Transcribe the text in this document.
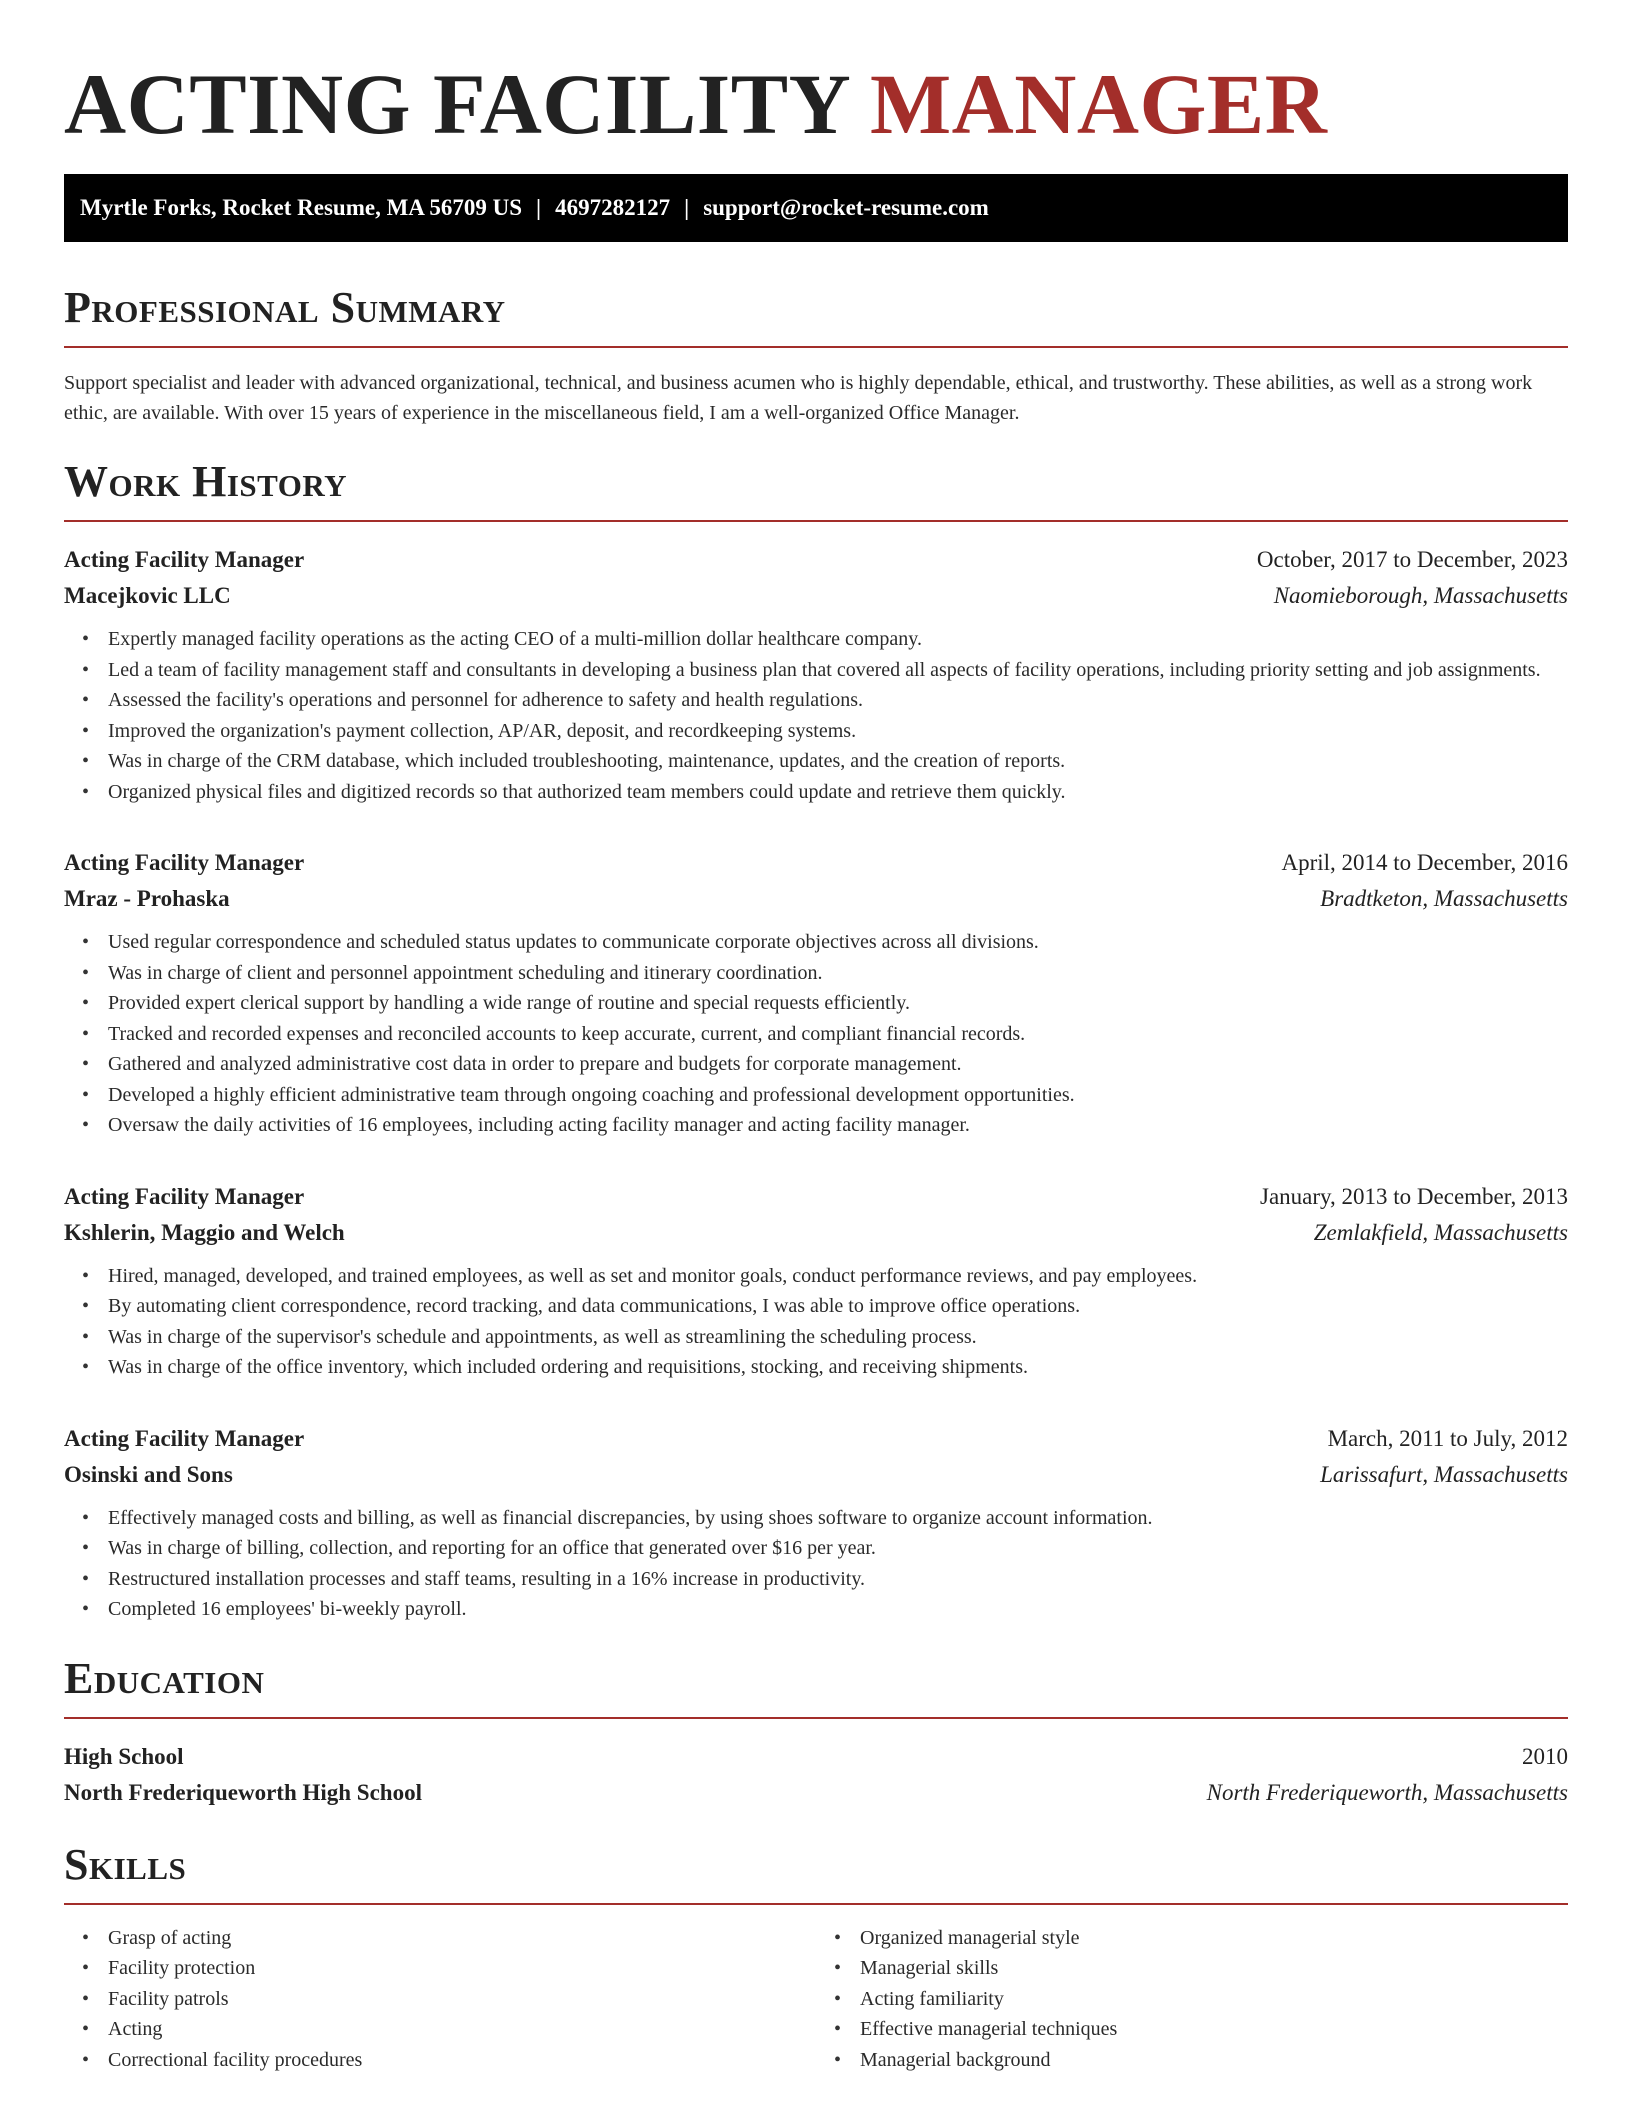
ACTING FACILITY MANAGER
Myrtle Forks, Rocket Resume, MA 56709 US | 4697282127 | support@rocket-resume.com
Professional Summary

Support specialist and leader with advanced organizational, technical, and business acumen who is highly dependable, ethical, and trustworthy. These abilities, as well as a strong work ethic, are available. With over 15 years of experience in the miscellaneous field, I am a well-organized Office Manager.

Work History
Acting Facility Manager	October, 2017 to December, 2023
Macejkovic LLC	Naomieborough, Massachusetts
• Expertly managed facility operations as the acting CEO of a multi-million dollar healthcare company.
• Led a team of facility management staff and consultants in developing a business plan that covered all aspects of facility operations, including priority setting and job assignments.
• Assessed the facility's operations and personnel for adherence to safety and health regulations.
• Improved the organization's payment collection, AP/AR, deposit, and recordkeeping systems.
• Was in charge of the CRM database, which included troubleshooting, maintenance, updates, and the creation of reports.
• Organized physical files and digitized records so that authorized team members could update and retrieve them quickly.
Acting Facility Manager	April, 2014 to December, 2016
Mraz - Prohaska	Bradtketon, Massachusetts
• Used regular correspondence and scheduled status updates to communicate corporate objectives across all divisions.
• Was in charge of client and personnel appointment scheduling and itinerary coordination.
• Provided expert clerical support by handling a wide range of routine and special requests efficiently.
• Tracked and recorded expenses and reconciled accounts to keep accurate, current, and compliant financial records.
• Gathered and analyzed administrative cost data in order to prepare and budgets for corporate management.
• Developed a highly efficient administrative team through ongoing coaching and professional development opportunities.
• Oversaw the daily activities of 16 employees, including acting facility manager and acting facility manager.
Acting Facility Manager	January, 2013 to December, 2013
Kshlerin, Maggio and Welch	Zemlakfield, Massachusetts
• Hired, managed, developed, and trained employees, as well as set and monitor goals, conduct performance reviews, and pay employees.
• By automating client correspondence, record tracking, and data communications, I was able to improve office operations.
• Was in charge of the supervisor's schedule and appointments, as well as streamlining the scheduling process.
• Was in charge of the office inventory, which included ordering and requisitions, stocking, and receiving shipments.
Acting Facility Manager	March, 2011 to July, 2012
Osinski and Sons	Larissafurt, Massachusetts
• Effectively managed costs and billing, as well as financial discrepancies, by using shoes software to organize account information.
• Was in charge of billing, collection, and reporting for an office that generated over $16 per year.
• Restructured installation processes and staff teams, resulting in a 16% increase in productivity.
• Completed 16 employees' bi-weekly payroll.
Education
High School	2010
North Frederiqueworth High School	North Frederiqueworth, Massachusetts
Skills
• Grasp of acting
• Facility protection
• Facility patrols
• Acting
• Correctional facility procedures
• Organized managerial style
• Managerial skills
• Acting familiarity
• Effective managerial techniques
• Managerial background
